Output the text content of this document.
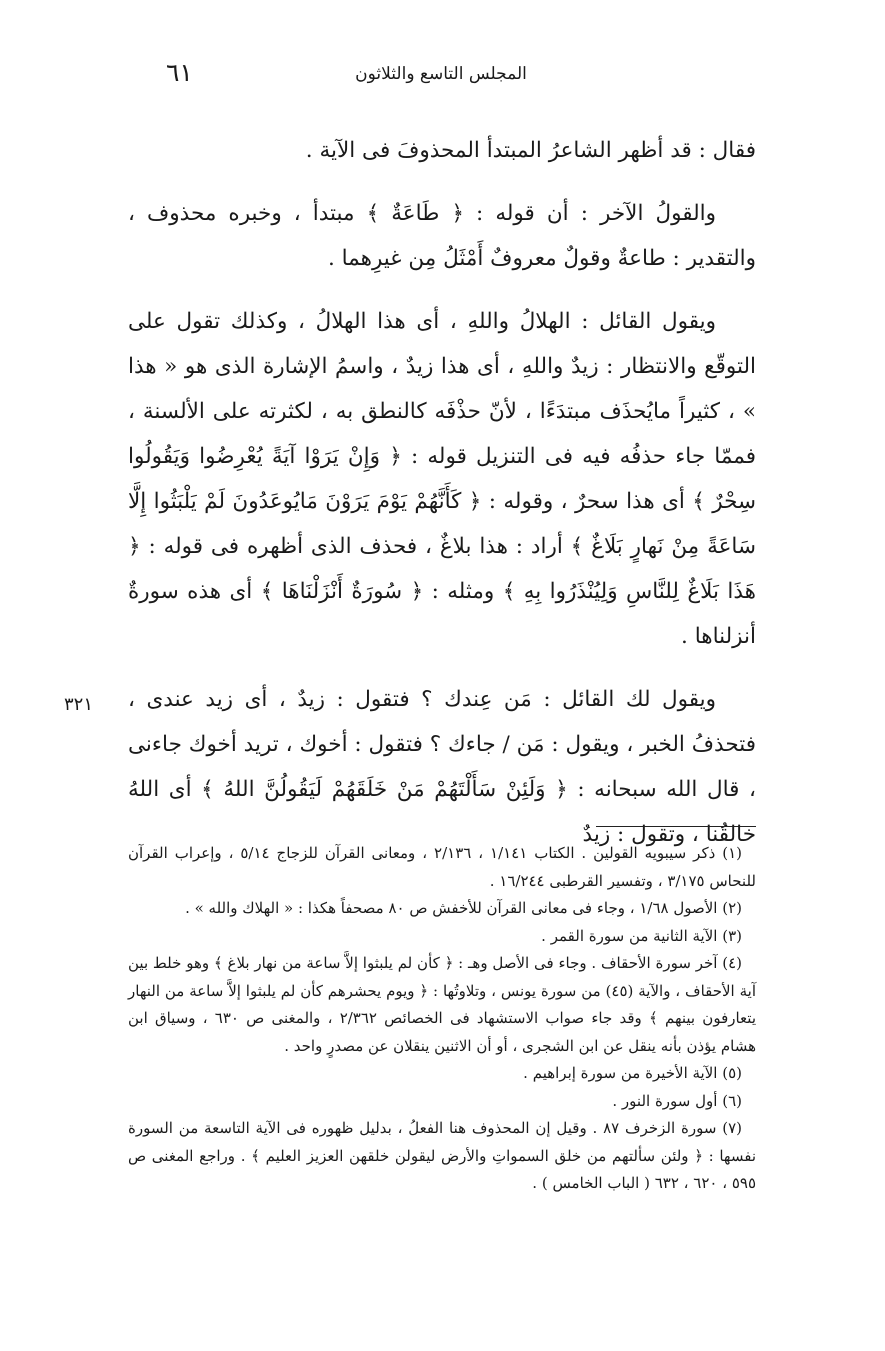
المجلس التاسع والثلاثون
٦١

فقال : قد أظهر الشاعرُ المبتدأ المحذوفَ فى الآية .

والقولُ الآخر : أن قوله : ﴿ طَاعَةٌ ﴾ مبتدأ ، وخبره محذوف ، والتقدير : طاعةٌ وقولٌ معروفٌ أَمْثَلُ مِن غيرِهما .

ويقول القائل : الهلالُ واللهِ ، أى هذا الهلالُ ، وكذلك تقول على التوقّع والانتظار : زيدٌ واللهِ ، أى هذا زيدٌ ، واسمُ الإشارة الذى هو « هذا » ، كثيراً مايُحذَف مبتدَءًا ، لأنّ حذْفَه كالنطق به ، لكثرته على الألسنة ، فممّا جاء حذفُه فيه فى التنزيل قوله : ﴿ وَإِنْ يَرَوْا آيَةً يُعْرِضُوا وَيَقُولُوا سِحْرٌ ﴾ أى هذا سحرٌ ، وقوله : ﴿ كَأَنَّهُمْ يَوْمَ يَرَوْنَ مَايُوعَدُونَ لَمْ يَلْبَثُوا إِلَّا سَاعَةً مِنْ نَهارٍ بَلَاغٌ ﴾ أراد : هذا بلاغٌ ، فحذف الذى أظهره فى قوله : ﴿ هَذَا بَلَاغٌ لِلنَّاسِ وَلِيُنْذَرُوا بِهِ ﴾ ومثله : ﴿ سُورَةٌ أَنْزَلْنَاهَا ﴾ أى هذه سورةٌ أنزلناها .

ويقول لك القائل : مَن عِندك ؟ فتقول : زيدٌ ، أى زيد عندى ، فتحذفُ الخبر ، ويقول : مَن / جاءك ؟ فتقول : أخوك ، تريد أخوك جاءنى ، قال الله سبحانه : ﴿ وَلَئِنْ سَأَلْتَهُمْ مَنْ خَلَقَهُمْ لَيَقُولُنَّ اللهُ ﴾ أى اللهُ خالقُنا ، وتقول : زيدٌ

٣٢١

(١) ذكر سيبويه القولين . الكتاب ١/١٤١ ، ٢/١٣٦ ، ومعانى القرآن للزجاج ٥/١٤ ، وإعراب القرآن للنحاس ٣/١٧٥ ، وتفسير القرطبى ١٦/٢٤٤ .

(٢) الأصول ١/٦٨ ، وجاء فى معانى القرآن للأخفش ص ٨٠ مصحفاً هكذا : « الهلاك والله » .

(٣) الآية الثانية من سورة القمر .

(٤) آخر سورة الأحقاف . وجاء فى الأصل وهـ : ﴿ كأن لم يلبثوا إلاَّ ساعة من نهار بلاغ ﴾ وهو خلط بين آية الأحقاف ، والآية (٤٥) من سورة يونس ، وتلاوتُها : ﴿ ويوم يحشرهم كأن لم يلبثوا إلاَّ ساعة من النهار يتعارفون بينهم ﴾ وقد جاء صواب الاستشهاد فى الخصائص ٢/٣٦٢ ، والمغنى ص ٦٣٠ ، وسياق ابن هشام يؤذن بأنه ينقل عن ابن الشجرى ، أو أن الاثنين ينقلان عن مصدرٍ واحد .

(٥) الآية الأخيرة من سورة إبراهيم .

(٦) أول سورة النور .

(٧) سورة الزخرف ٨٧ . وقيل إن المحذوف هنا الفعلُ ، بدليل ظهوره فى الآية التاسعة من السورة نفسها : ﴿ ولئن سألتهم من خلق السمواتِ والأرض ليقولن خلقهن العزيز العليم ﴾ . وراجع المغنى ص ٥٩٥ ، ٦٢٠ ، ٦٣٢ ( الباب الخامس ) .
